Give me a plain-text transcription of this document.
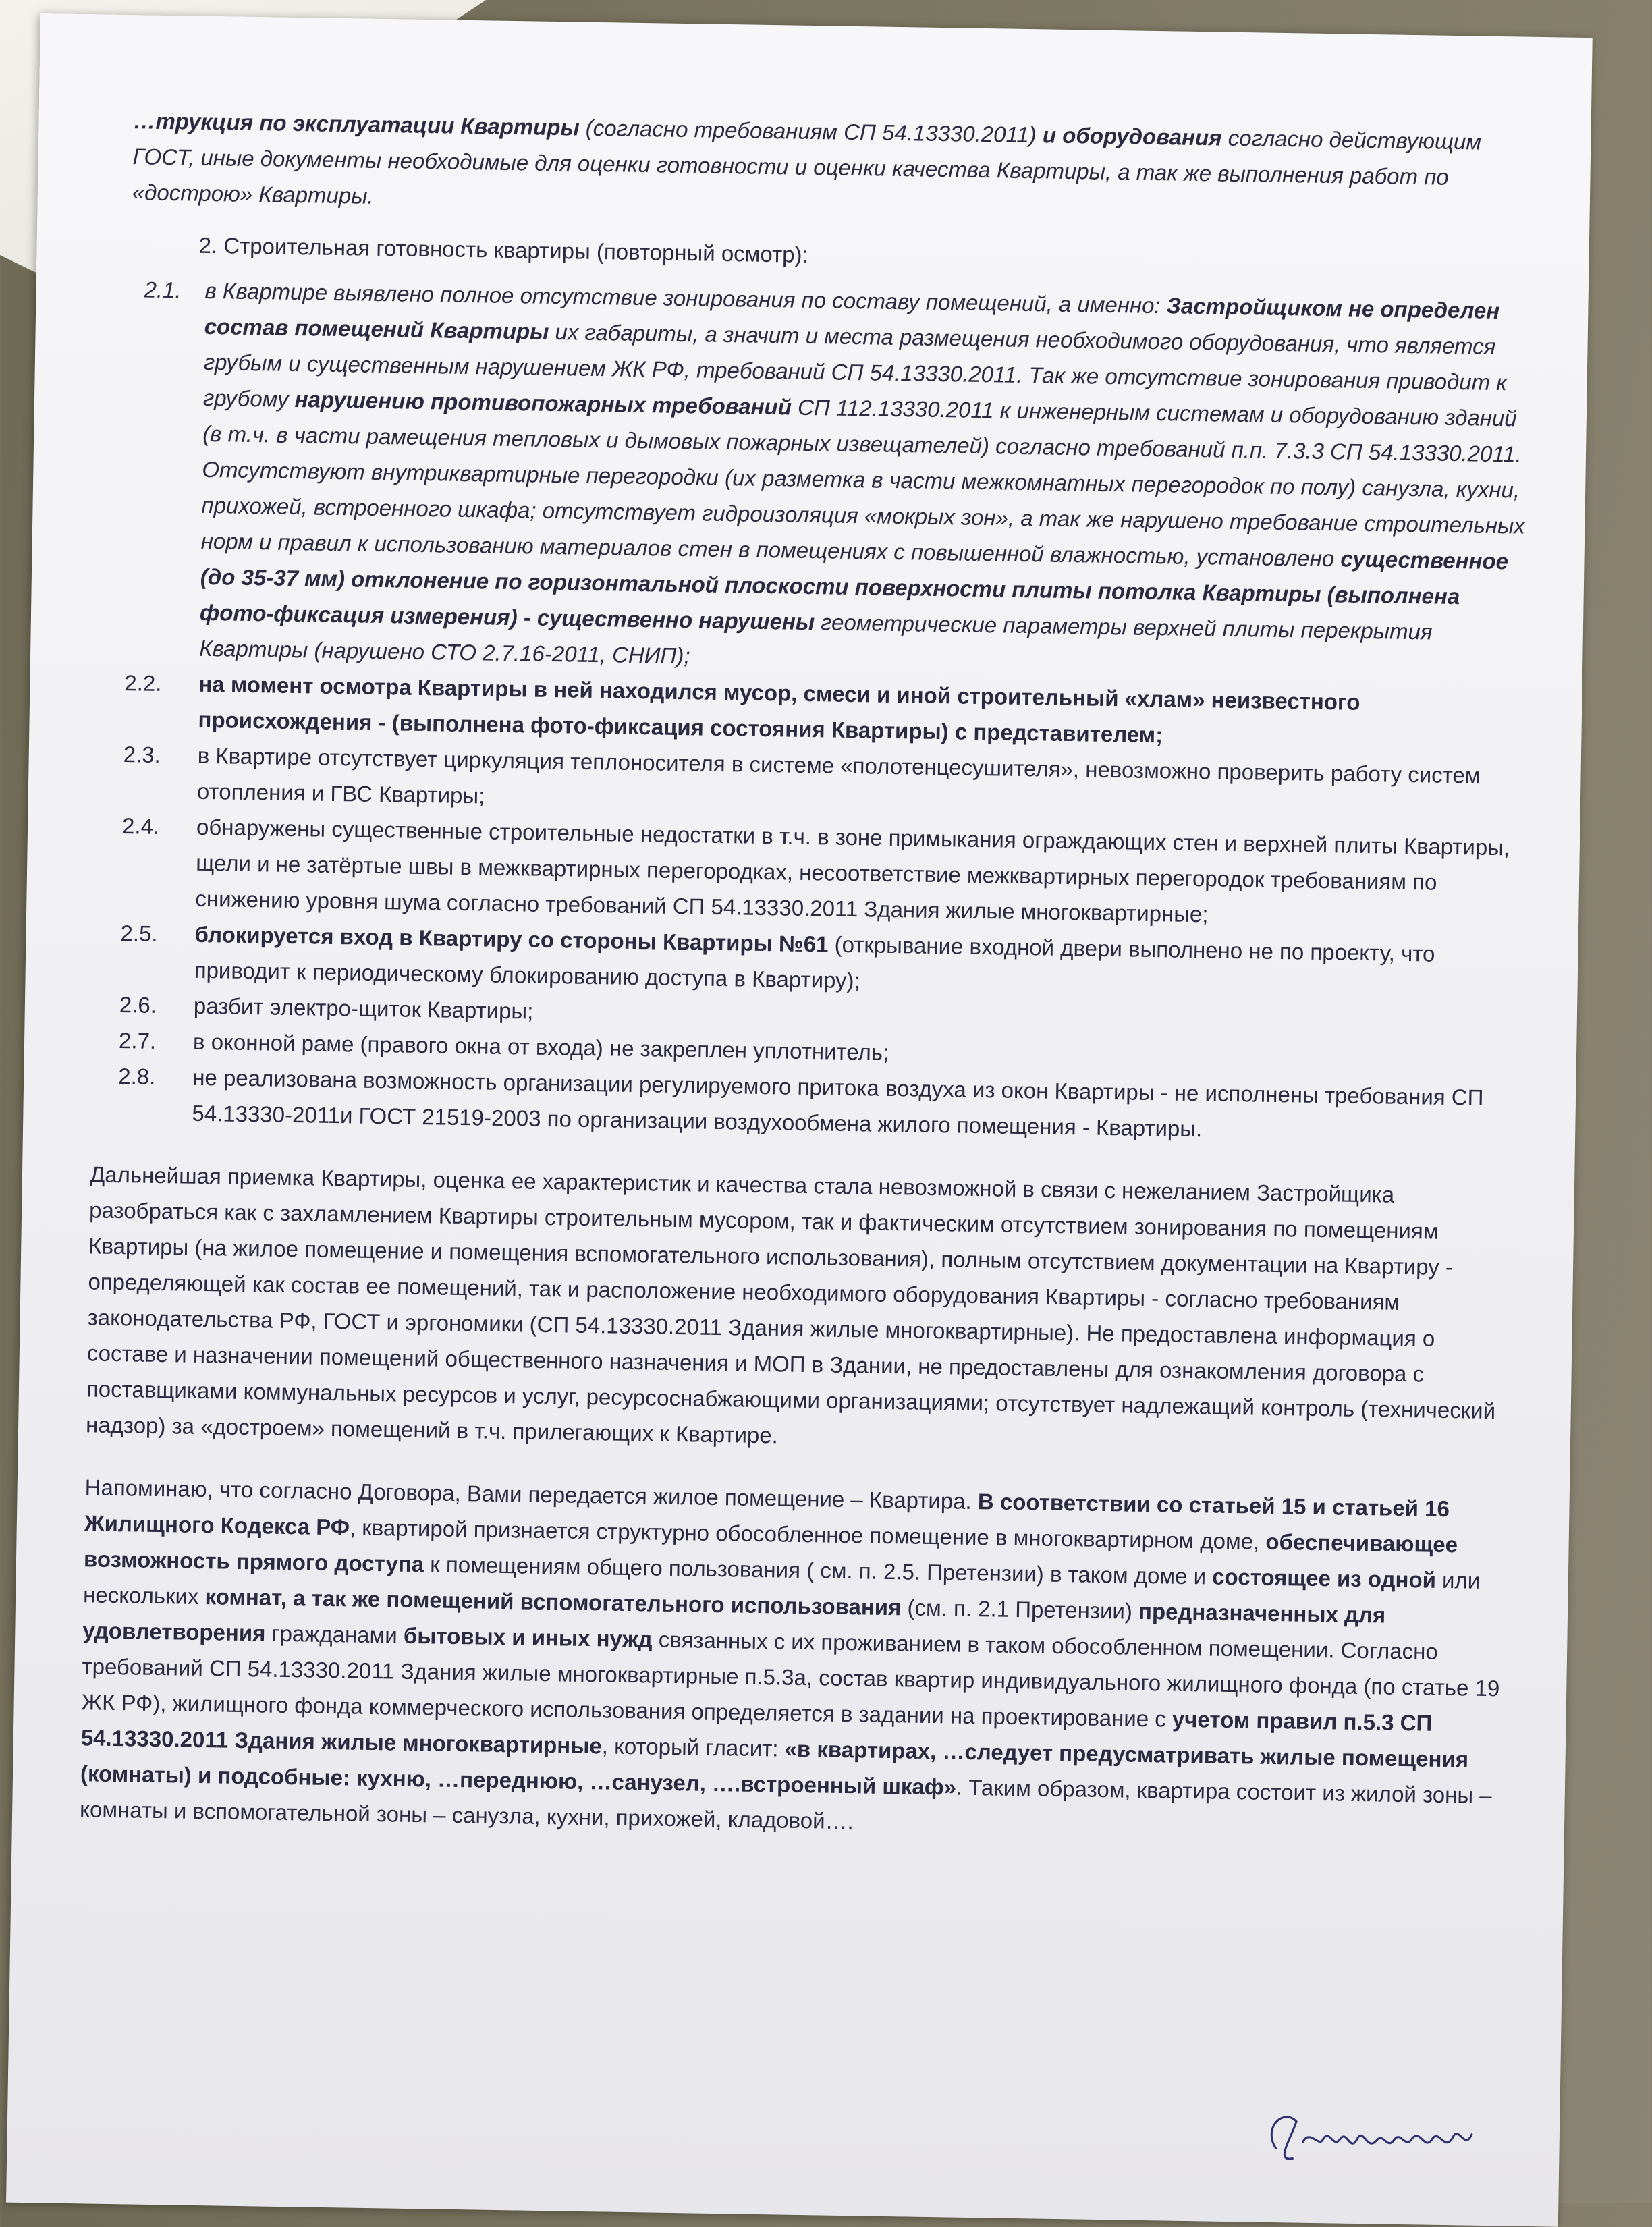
…трукция по эксплуатации Квартиры (согласно требованиям СП 54.13330.2011) и оборудования согласно действующим ГОСТ, иные документы необходимые для оценки готовности и оценки качества Квартиры, а так же выполнения работ по «дострою» Квартиры.

2. Строительная готовность квартиры (повторный осмотр):

2.1. в Квартире выявлено полное отсутствие зонирования по составу помещений, а именно: Застройщиком не определен состав помещений Квартиры их габариты, а значит и места размещения необходимого оборудования, что является грубым и существенным нарушением ЖК РФ, требований СП 54.13330.2011. Так же отсутствие зонирования приводит к грубому нарушению противопожарных требований СП 112.13330.2011 к инженерным системам и оборудованию зданий (в т.ч. в части рамещения тепловых и дымовых пожарных извещателей) согласно требований п.п. 7.3.3 СП 54.13330.2011. Отсутствуют внутриквартирные перегородки (их разметка в части межкомнатных перегородок по полу) санузла, кухни, прихожей, встроенного шкафа; отсутствует гидроизоляция «мокрых зон», а так же нарушено требование строительных норм и правил к использованию материалов стен в помещениях с повышенной влажностью, установлено существенное (до 35-37 мм) отклонение по горизонтальной плоскости поверхности плиты потолка Квартиры (выполнена фото-фиксация измерения) - существенно нарушены геометрические параметры верхней плиты перекрытия Квартиры (нарушено СТО 2.7.16-2011, СНИП);

2.2. на момент осмотра Квартиры в ней находился мусор, смеси и иной строительный «хлам» неизвестного происхождения - (выполнена фото-фиксация состояния Квартиры) с представителем;

2.3. в Квартире отсутствует циркуляция теплоносителя в системе «полотенцесушителя», невозможно проверить работу систем отопления и ГВС Квартиры;

2.4. обнаружены существенные строительные недостатки в т.ч. в зоне примыкания ограждающих стен и верхней плиты Квартиры, щели и не затёртые швы в межквартирных перегородках, несоответствие межквартирных перегородок требованиям по снижению уровня шума согласно требований СП 54.13330.2011 Здания жилые многоквартирные;

2.5. блокируется вход в Квартиру со стороны Квартиры №61 (открывание входной двери выполнено не по проекту, что приводит к периодическому блокированию доступа в Квартиру);

2.6. разбит электро-щиток Квартиры;

2.7. в оконной раме (правого окна от входа) не закреплен уплотнитель;

2.8. не реализована возможность организации регулируемого притока воздуха из окон Квартиры - не исполнены требования СП 54.13330-2011и ГОСТ 21519-2003 по организации воздухообмена жилого помещения - Квартиры.

Дальнейшая приемка Квартиры, оценка ее характеристик и качества стала невозможной в связи с нежеланием Застройщика разобраться как с захламлением Квартиры строительным мусором, так и фактическим отсутствием зонирования по помещениям Квартиры (на жилое помещение и помещения вспомогательного использования), полным отсутствием документации на Квартиру - определяющей как состав ее помещений, так и расположение необходимого оборудования Квартиры - согласно требованиям законодательства РФ, ГОСТ и эргономики (СП 54.13330.2011 Здания жилые многоквартирные). Не предоставлена информация о составе и назначении помещений общественного назначения и МОП в Здании, не предоставлены для ознакомления договора с поставщиками коммунальных ресурсов и услуг, ресурсоснабжающими организациями; отсутствует надлежащий контроль (технический надзор) за «достроем» помещений в т.ч. прилегающих к Квартире.

Напоминаю, что согласно Договора, Вами передается жилое помещение – Квартира. В соответствии со статьей 15 и статьей 16 Жилищного Кодекса РФ, квартирой признается структурно обособленное помещение в многоквартирном доме, обеспечивающее возможность прямого доступа к помещениям общего пользования ( см. п. 2.5. Претензии) в таком доме и состоящее из одной или нескольких комнат, а так же помещений вспомогательного использования (см. п. 2.1 Претензии) предназначенных для удовлетворения гражданами бытовых и иных нужд связанных с их проживанием в таком обособленном помещении. Согласно требований СП 54.13330.2011 Здания жилые многоквартирные п.5.3а, состав квартир индивидуального жилищного фонда (по статье 19 ЖК РФ), жилищного фонда коммерческого использования определяется в задании на проектирование с учетом правил п.5.3 СП 54.13330.2011 Здания жилые многоквартирные, который гласит: «в квартирах, …следует предусматривать жилые помещения (комнаты) и подсобные: кухню, …переднюю, …санузел, ….встроенный шкаф». Таким образом, квартира состоит из жилой зоны – комнаты и вспомогательной зоны – санузла, кухни, прихожей, кладовой….
